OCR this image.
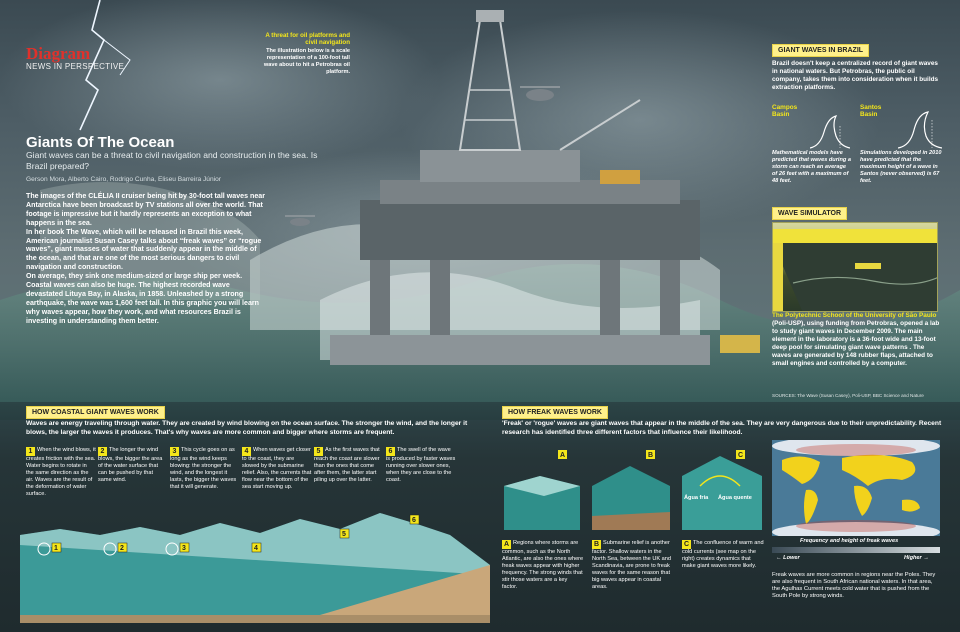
Diagram
NEWS IN PERSPECTIVE
Giants Of The Ocean
Giant waves can be a threat to civil navigation and construction in the sea. Is Brazil prepared?
Gerson Mora, Alberto Cairo, Rodrigo Cunha, Eliseu Barreira Júnior

The images of the CLÉLIA II cruiser being hit by 30-foot tall waves near Antarctica have been broadcast by TV stations all over the world. That footage is impressive but it hardly represents an exception to what happens in the sea.

In her book The Wave, which will be released in Brazil this week, American journalist Susan Casey talks about “freak waves” or “rogue waves”, giant masses of water that suddenly appear in the middle of the ocean, and that are one of the most serious dangers to civil navigation and construction.

On average, they sink one medium-sized or large ship per week. Coastal waves can also be huge. The highest recorded wave devastated Lituya Bay, in Alaska, in 1858. Unleashed by a strong earthquake, the wave was 1,600 feet tall. In this graphic you will learn why waves appear, how they work, and what resources Brazil is investing in understanding them better.

A threat for oil platforms and civil navigation
The illustration below is a scale representation of a 100-foot tall wave about to hit a Petrobras oil platform.
GIANT WAVES IN BRAZIL
Brazil doesn't keep a centralized record of giant waves in national waters. But Petrobras, the public oil company, takes them into consideration when it builds extraction platforms.
Campos Basin
Santos Basin
Mathematical models have predicted that waves during a storm can reach an average of 26 feet with a maximum of 48 feet.
Simulations developed in 2010 have predicted that the maximum height of a wave in Santos (never observed) is 67 feet.
WAVE SIMULATOR
The Polytechnic School of the University of São Paulo (Poli-USP), using funding from Petrobras, opened a lab to study giant waves in December 2009. The main element in the laboratory is a 36-foot wide and 13-foot deep pool for simulating giant wave patterns . The waves are generated by 148 rubber flaps, attached to small engines and controlled by a computer.
SOURCES: The Wave (Susan Casey), Poli-USP, BBC Science and Nature
HOW COASTAL GIANT WAVES WORK
Waves are energy traveling through water. They are created by wind blowing on the ocean surface. The stronger the wind, and the longer it blows, the larger the waves it produces. That's why waves are more common and bigger where storms are frequent.
1 When the wind blows, it creates friction with the sea. Water begins to rotate in the same direction as the air. Waves are the result of the deformation of water surface.
2 The longer the wind blows, the bigger the area of the water surface that can be pushed by that same wind.
3 This cycle goes on as long as the wind keeps blowing: the stronger the wind, and the longest it lasts, the bigger the waves that it will generate.
4 When waves get closer to the coast, they are slowed by the submarine relief. Also, the currents that flow near the bottom of the sea start moving up.
5 As the first waves that reach the coast are slower than the ones that come after them, the latter start piling up over the latter.
6 The swell of the wave is produced by faster waves running over slower ones, when they are close to the coast.
1	2	3	4
5
6
HOW FREAK WAVES WORK
'Freak' or 'rogue' waves are giant waves that appear in the middle of the sea. They are very dangerous due to their unpredictability. Recent research has identified three different factors that influence their likelihood.
A	B	C
Água fria Água quente
A Regions where storms are common, such as the North Atlantic, are also the ones where freak waves appear with higher frequency. The strong winds that stir those waters are a key factor.
B Submarine relief is another factor. Shallow waters in the North Sea, between the UK and Scandinavia, are prone to freak waves for the same reason that big waves appear in coastal areas.
C The confluence of warm and cold currents (see map on the right) creates dynamics that make giant waves more likely.
Frequency and height of freak waves
← Lower	Higher →
Freak waves are more common in regions near the Poles. They are also frequent in South African national waters. In that area, the Agulhas Current meets cold water that is pushed from the South Pole by strong winds.
